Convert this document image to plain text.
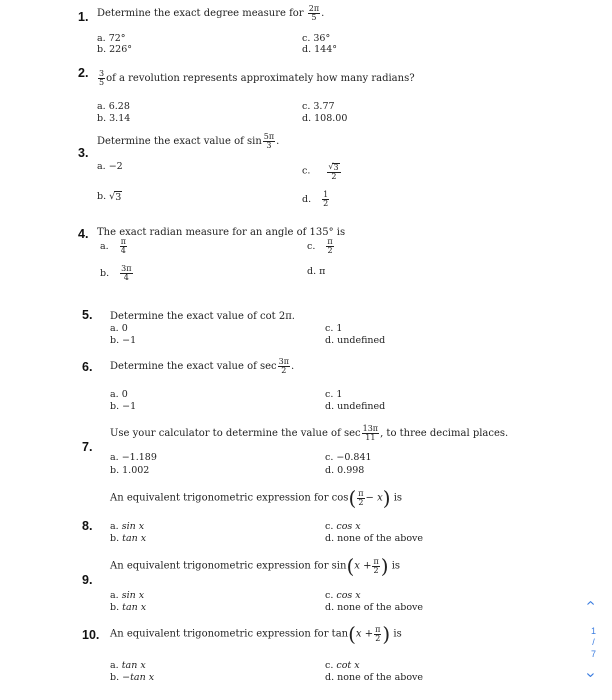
1. Determine the exact degree measure for $\frac{2\pi}{5}$ .
a. 72°
b. 226°
c. 36°
d. 144°
2. $\frac{3}{5}$ of a revolution represents approximately how many radians?
a. 6.28
b. 3.14
c. 3.77
d. 108.00
3.
Determine the exact value of $\sin \frac{5\pi}{3}$ .
a. −2
b. √ 3
c. $\frac{√ 3}{2}$
d. $\frac{1}{2}$
4. The exact radian measure for an angle of 135° is
a. $\frac{\pi}{4}$
b. $\frac{3\pi}{4}$
c. $\frac{\pi}{2}$
d. π
5. Determine the exact value of cot 2π.
a. 0
b. −1
c. 1
d. undefined
6. Determine the exact value of $\sec \frac{3\pi}{2}$ .
a. 0
b. −1
c. 1
d. undefined
7.
Use your calculator to determine the value of $\sec \frac{13\pi}{11}$ , to three decimal places.
a. −1.189
b. 1.002
c. −0.841
d. 0.998
8.
An equivalent trigonometric expression for $\cos( \frac{\pi}{2} - x)$ is
a. sin x
b. tan x
c. cos x
d. none of the above
9.
An equivalent trigonometric expression for $\sin(x + \frac{\pi}{2}$ ) is
a. sin x
b. tan x
c. cos x
d. none of the above
10. An equivalent trigonometric expression for $\tan(x + \frac{\pi}{2}$ ) is
a. tan x
b. −tan x
c. cot x
d. none of the above
‹
1
/
7
‹
